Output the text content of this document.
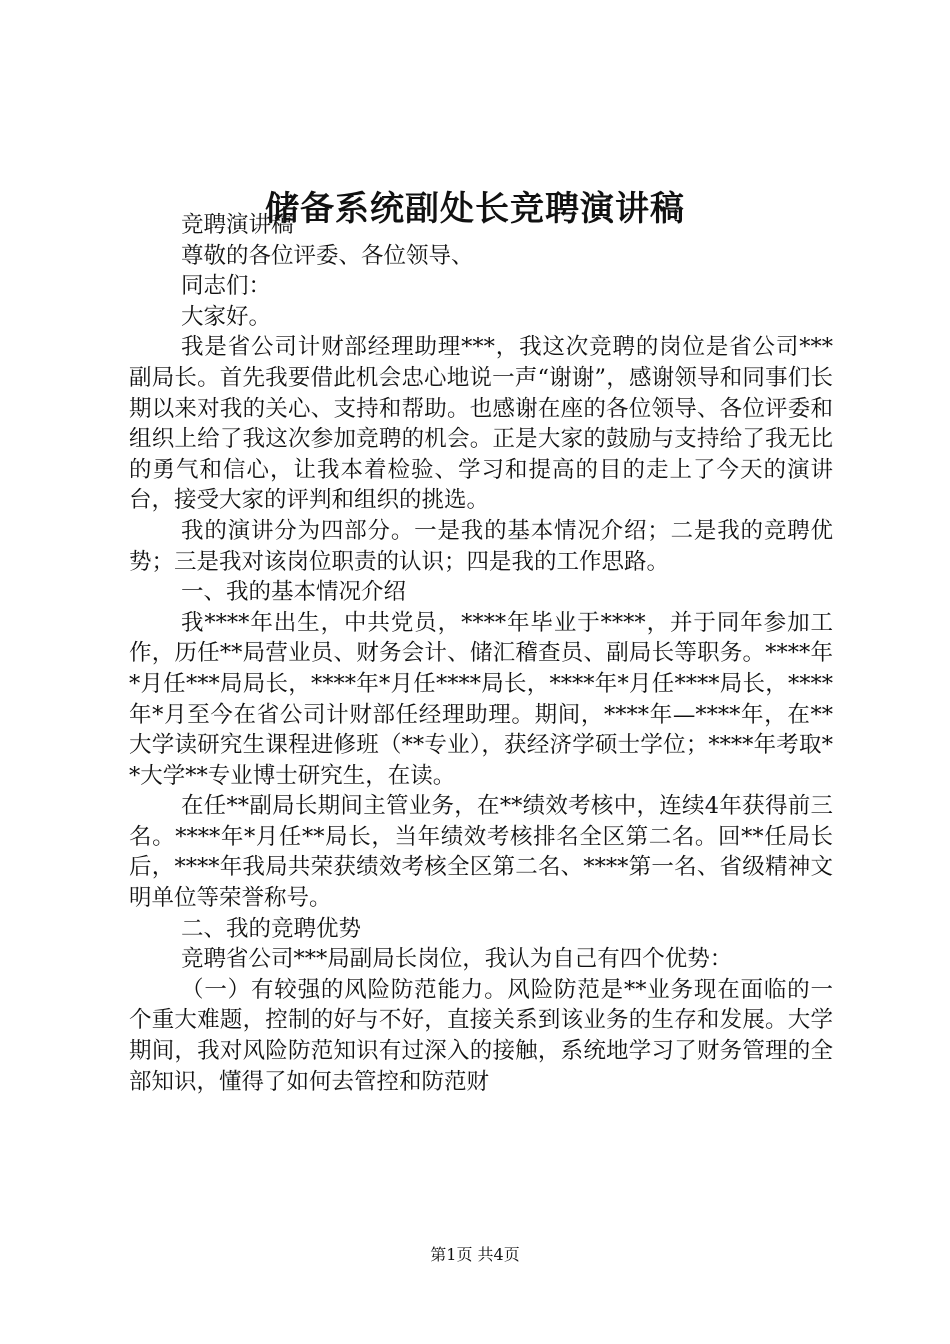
储备系统副处长竞聘演讲稿

竞聘演讲稿

尊敬的各位评委、各位领导、

同志们：

大家好。

我是省公司计财部经理助理***，我这次竞聘的岗位是省公司***副局长。首先我要借此机会忠心地说一声“谢谢”，感谢领导和同事们长期以来对我的关心、支持和帮助。也感谢在座的各位领导、各位评委和组织上给了我这次参加竞聘的机会。正是大家的鼓励与支持给了我无比的勇气和信心，让我本着检验、学习和提高的目的走上了今天的演讲台，接受大家的评判和组织的挑选。

我的演讲分为四部分。一是我的基本情况介绍；二是我的竞聘优势；三是我对该岗位职责的认识；四是我的工作思路。

一、我的基本情况介绍

我****年出生，中共党员，****年毕业于****，并于同年参加工作，历任**局营业员、财务会计、储汇稽查员、副局长等职务。****年*月任***局局长，****年*月任****局长，****年*月任****局长，****年*月至今在省公司计财部任经理助理。期间，****年—****年，在**大学读研究生课程进修班（**专业），获经济学硕士学位；****年考取**大学**专业博士研究生，在读。

在任**副局长期间主管业务，在**绩效考核中，连续4年获得前三名。****年*月任**局长，当年绩效考核排名全区第二名。回**任局长后，****年我局共荣获绩效考核全区第二名、****第一名、省级精神文明单位等荣誉称号。

二、我的竞聘优势

竞聘省公司***局副局长岗位，我认为自己有四个优势：

（一）有较强的风险防范能力。风险防范是**业务现在面临的一个重大难题，控制的好与不好，直接关系到该业务的生存和发展。大学期间，我对风险防范知识有过深入的接触，系统地学习了财务管理的全部知识，懂得了如何去管控和防范财

第1页 共4页
